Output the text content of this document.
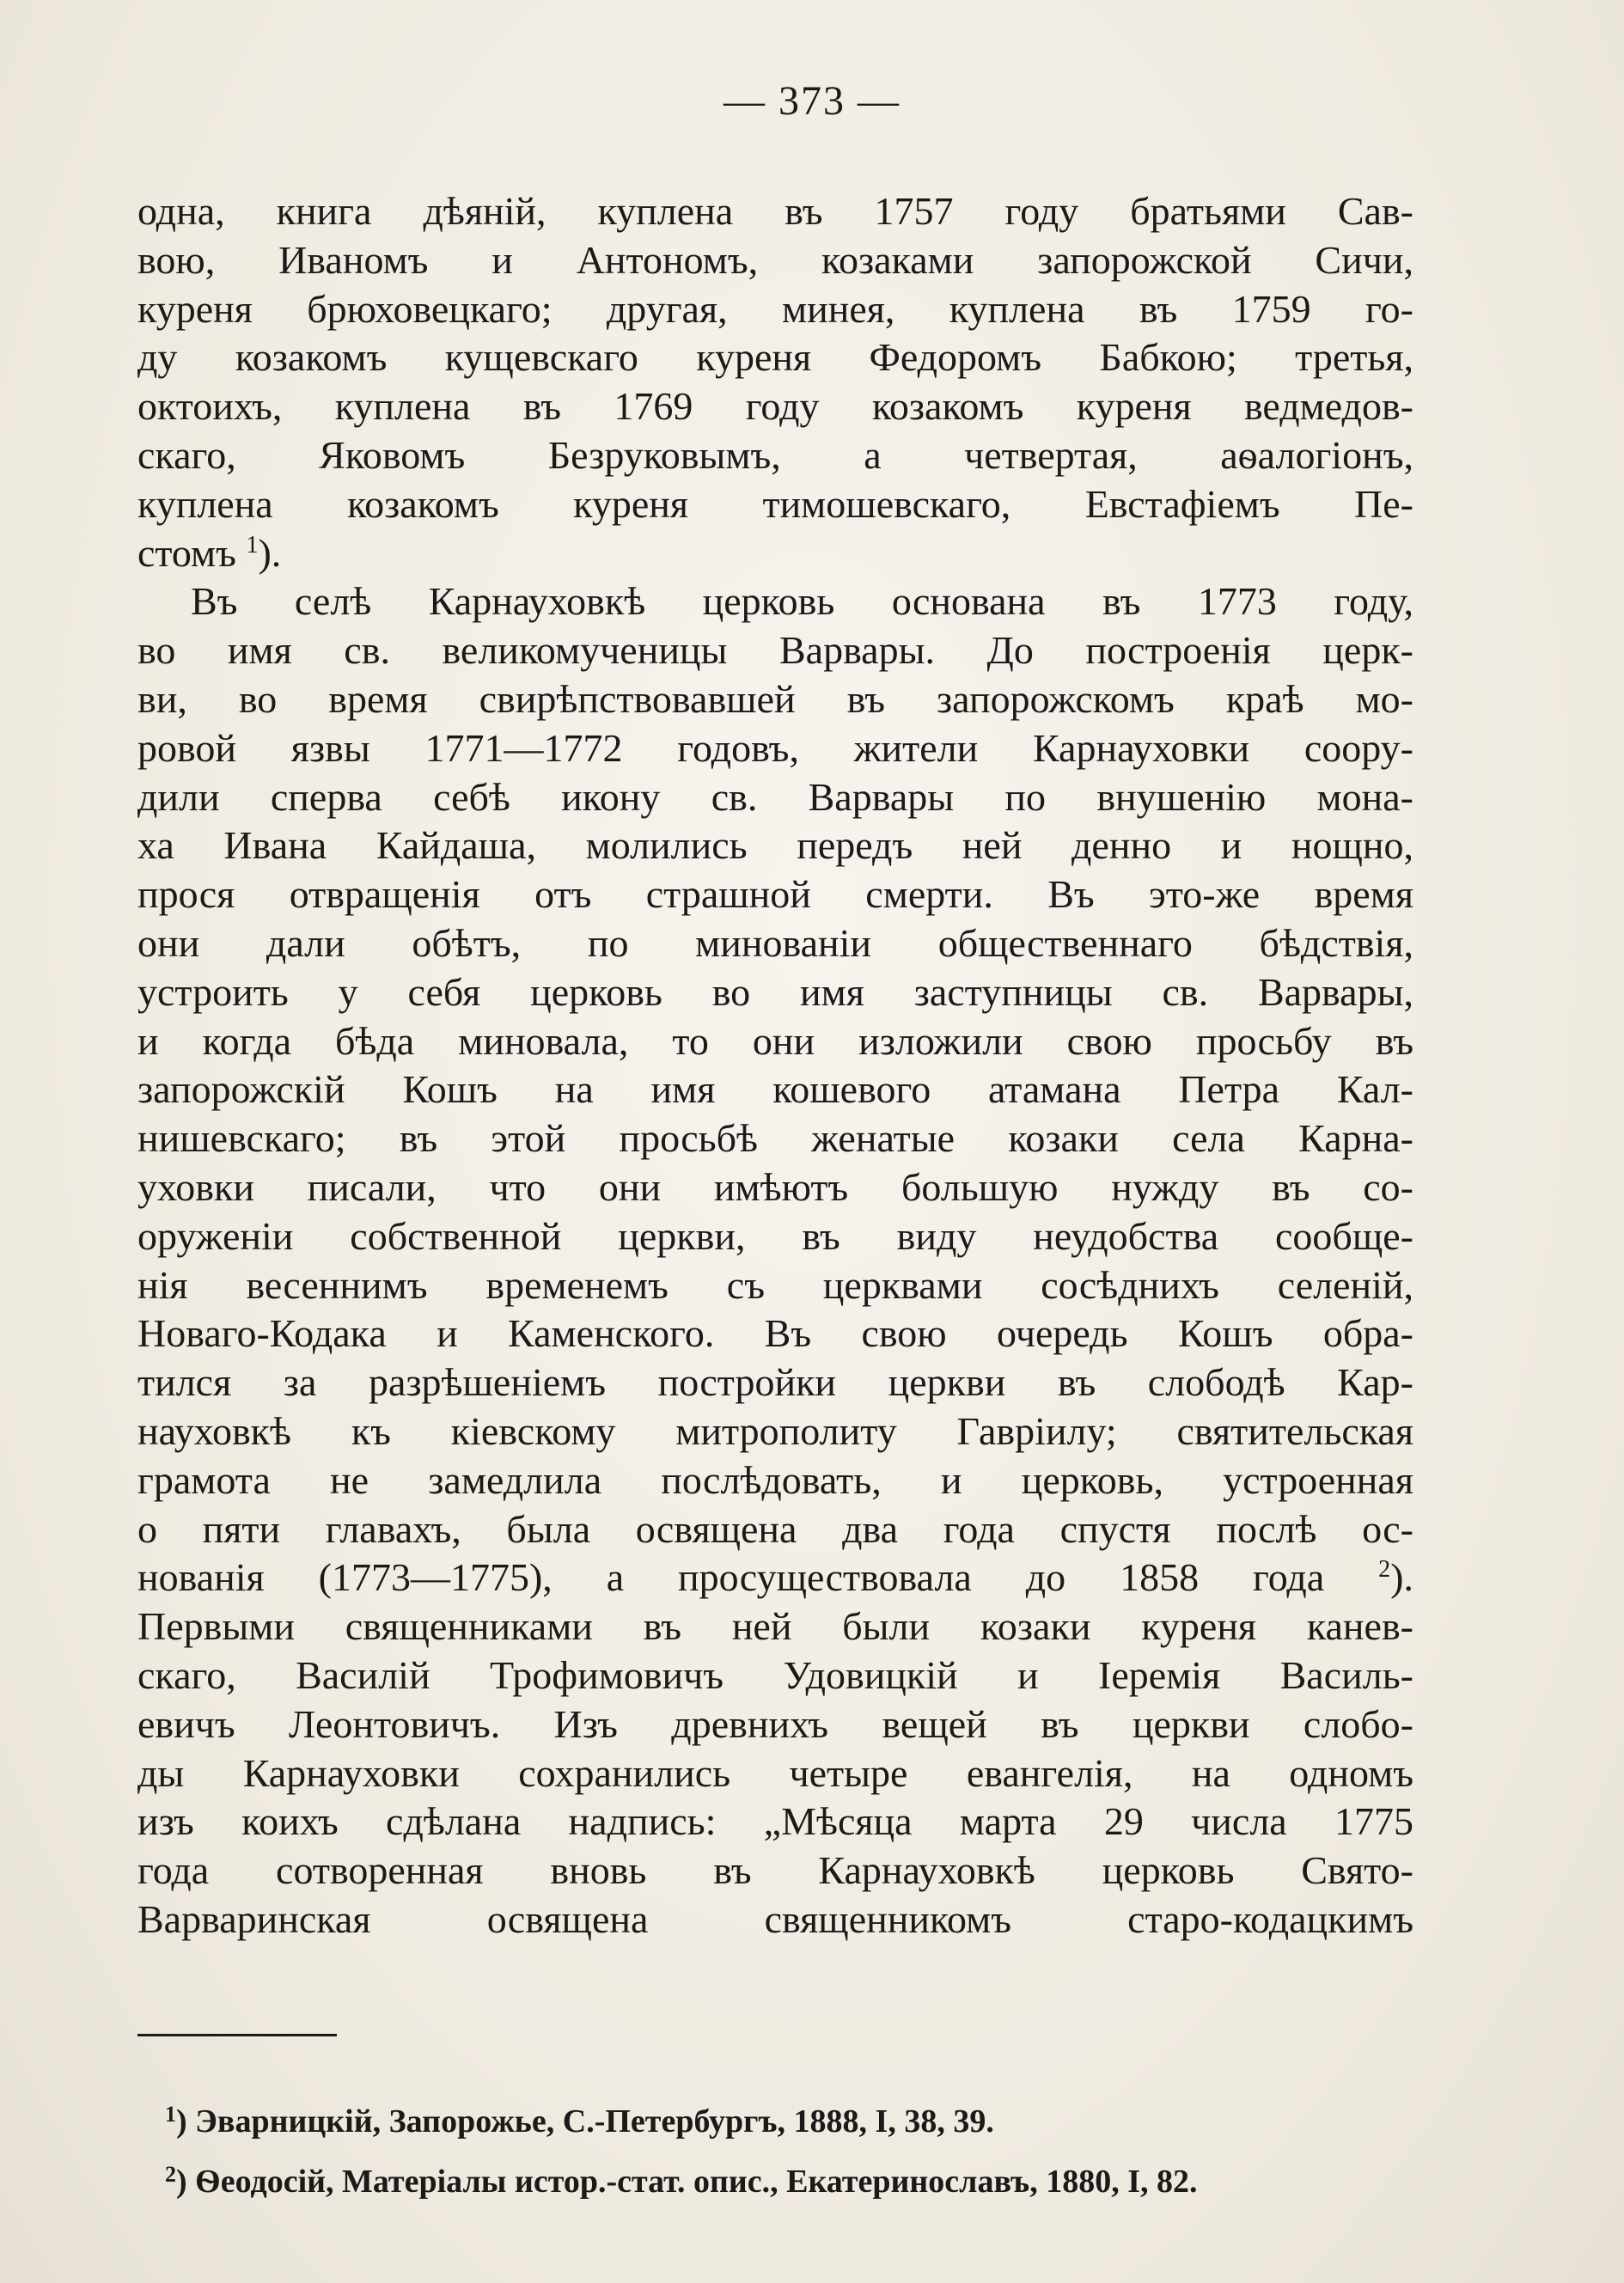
— 373 —
одна, книга дѣяній, куплена въ 1757 году братьями Сав-
вою, Иваномъ и Антономъ, козаками запорожской Сичи,
куреня брюховецкаго; другая, минея, куплена въ 1759 го-
ду козакомъ кущевскаго куреня Федоромъ Бабкою; третья,
октоихъ, куплена въ 1769 году козакомъ куреня ведмедов-
скаго, Яковомъ Безруковымъ, а четвертая, аѳалогіонъ,
куплена козакомъ куреня тимошевскаго, Евстафіемъ Пе-
стомъ $^1$).
Въ селѣ Карнауховкѣ церковь основана въ 1773 году,
во имя св. великомученицы Варвары. До построенія церк-
ви, во время свирѣпствовавшей въ запорожскомъ краѣ мо-
ровой язвы 1771—1772 годовъ, жители Карнауховки соору-
дили сперва себѣ икону св. Варвары по внушенію мона-
ха Ивана Кайдаша, молились передъ ней денно и нощно,
прося отвращенія отъ страшной смерти. Въ это-же время
они дали обѣтъ, по минованіи общественнаго бѣдствія,
устроить у себя церковь во имя заступницы св. Варвары,
и когда бѣда миновала, то они изложили свою просьбу въ
запорожскій Кошъ на имя кошевого атамана Петра Кал-
нишевскаго; въ этой просьбѣ женатые козаки села Карна-
уховки писали, что они имѣютъ большую нужду въ со-
оруженіи собственной церкви, въ виду неудобства сообще-
нія весеннимъ временемъ съ церквами сосѣднихъ селеній,
Новаго-Кодака и Каменского. Въ свою очередь Кошъ обра-
тился за разрѣшеніемъ постройки церкви въ слободѣ Кар-
науховкѣ къ кіевскому митрополиту Гавріилу; святительская
грамота не замедлила послѣдовать, и церковь, устроенная
о пяти главахъ, была освящена два года спустя послѣ ос-
нованія (1773—1775), а просуществовала до 1858 года $^2$).
Первыми священниками въ ней были козаки куреня канев-
скаго, Василій Трофимовичъ Удовицкій и Іеремія Василь-
евичъ Леонтовичъ. Изъ древнихъ вещей въ церкви слобо-
ды Карнауховки сохранились четыре евангелія, на одномъ
изъ коихъ сдѣлана надпись: „Мѣсяца марта 29 числа 1775
года сотворенная вновь въ Карнауховкѣ церковь Свято-
Варваринская освящена священникомъ старо-кодацкимъ
$^1$) Эварницкій, Запорожье, С.-Петербургъ, 1888, I, 38, 39.
$^2$) Ѳеодосій, Матеріалы истор.-стат. опис., Екатеринославъ, 1880, I, 82.
